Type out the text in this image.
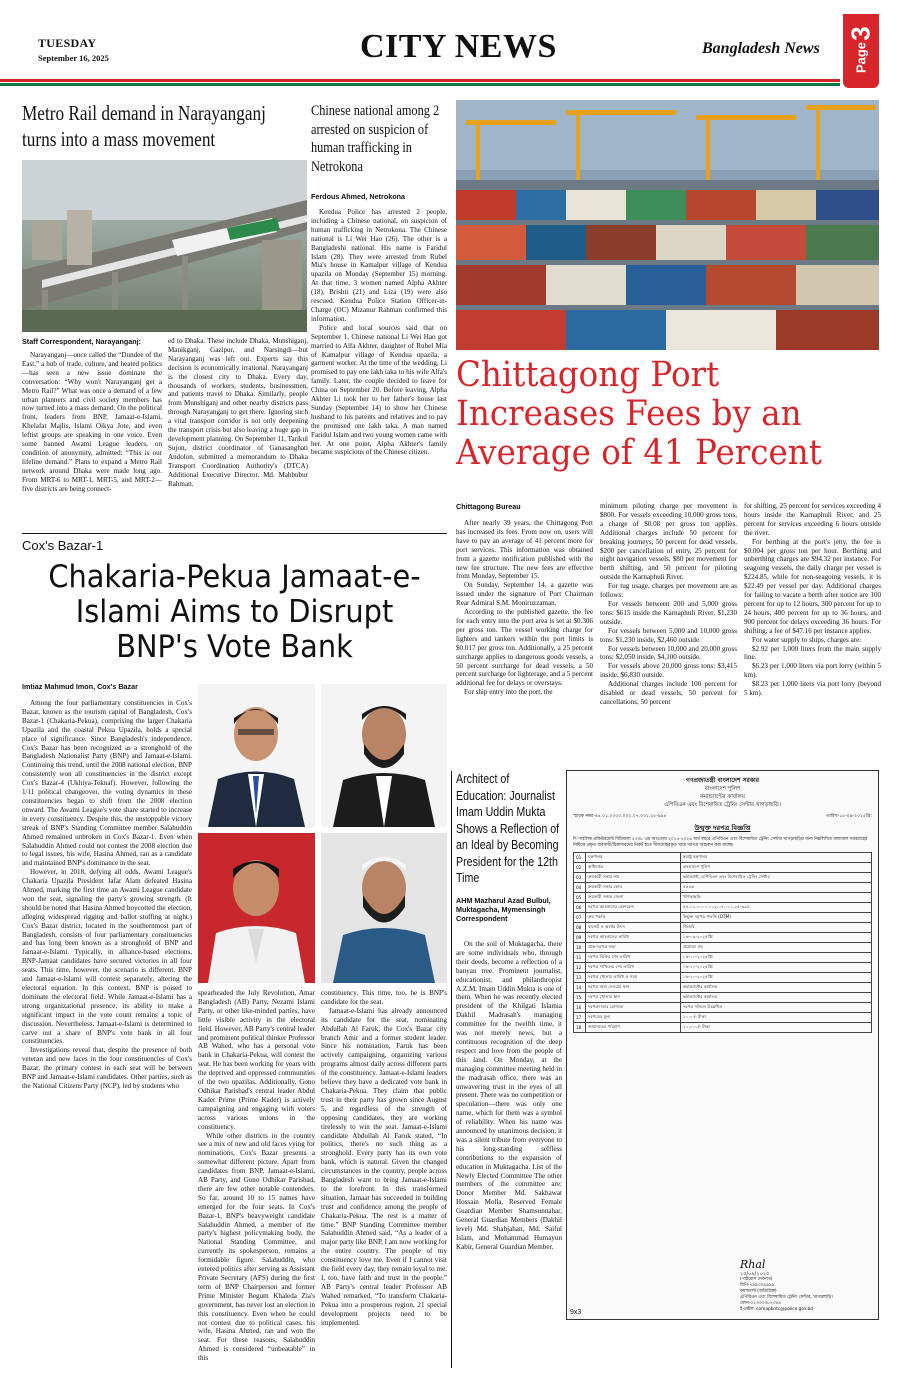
TUESDAY
September 16, 2025	CITY NEWS	Bangladesh News	Page
3
Metro Rail demand in Narayanganj
turns into a mass movement
Staff Correspondent, Narayanganj:

Narayanganj—once called the “Dundee of the East,” a hub of trade, culture, and heated politics—has seen a new issue dominate the conversation: “Why won't Narayanganj get a Metro Rail?” What was once a demand of a few urban planners and civil society members has now turned into a mass demand. On the political front, leaders from BNP, Jamaat-e-Islami, Khelafat Majlis, Islami Oikya Jote, and even leftist groups are speaking in one voice. Even some banned Awami League leaders, on condition of anonymity, admitted: “This is our lifeline demand.” Plans to expand a Metro Rail network around Dhaka were made long ago. From MRT-6 to MRT-1, MRT-5, and MRT-2—five districts are being connect-

ed to Dhaka. These include Dhaka, Munshiganj, Manikganj, Gazipur, and Narsingdi—but Narayanganj was left out. Experts say this decision is economically irrational. Narayanganj is the closest city to Dhaka. Every day, thousands of workers, students, businessmen, and patients travel to Dhaka. Similarly, people from Munshiganj and other nearby districts pass through Narayanganj to get there. Ignoring such a vital transport corridor is not only deepening the transport crisis but also leaving a huge gap in development planning. On September 11, Tarikul Sujon, district coordinator of Ganasanghati Andolon, submitted a memorandum to Dhaka Transport Coordination Authority's (DTCA) Additional Executive Director, Md. Mahbubur Rahman.

Chinese national among 2 arrested on suspicion of human trafficking in Netrokona
Ferdous Ahmed, Netrokona

Kendua Police has arrested 2 people, including a Chinese national, on suspicion of human trafficking in Netrokona. The Chinese national is Li Wei Hao (26). The other is a Bangladeshi national. His name is Faridul Islam (28). They were arrested from Rubel Mia's house in Kamalpur village of Kendua upazila on Monday (September 15) morning. At that time, 3 women named Alpha Akhter (18), Brishti (21) and Liza (19) were also rescued. Kendua Police Station Officer-in-Charge (OC) Mizanur Rahman confirmed this information.

Police and local sources said that on September 1, Chinese national Li Wei Hao got married to Alfa Akhter, daughter of Rubel Mia of Kamalpur village of Kendua upazila, a garment worker. At the time of the wedding, Li promised to pay one lakh taka to his wife Alfa's family. Later, the couple decided to leave for China on September 20. Before leaving, Alpha Akhter Li took her to her father's house last Sunday (September 14) to show her Chinese husband to his parents and relatives and to pay the promised one lakh taka. A man named Faridul Islam and two young women came with her. At one point, Alpha Akhter's family became suspicious of the Chinese citizen.

Chittagong Port Increases Fees by an Average of 41 Percent
Chittagong Bureau

After nearly 39 years, the Chittagong Port has increased its fees. From now on, users will have to pay an average of 41 percent more for port services. This information was obtained from a gazette notification published with the new fee structure. The new fees are effective from Monday, September 15.

On Sunday, September 14, a gazette was issued under the signature of Port Chairman Rear Admiral S.M. Moniruzzaman.

According to the published gazette, the fee for each entry into the port area is set at $0.306 per gross ton. The vessel working charge for lighters and tankers within the port limits is $0.017 per gross ton. Additionally, a 25 percent surcharge applies to dangerous goods vessels, a 50 percent surcharge for dead vessels, a 50 percent surcharge for lighterage, and a 5 percent additional fee for delays or overstays.

For ship entry into the port, the

minimum piloting charge per movement is $800. For vessels exceeding 10,000 gross tons, a charge of $0.08 per gross ton applies. Additional charges include 50 percent for breaking journeys, 50 percent for dead vessels, $200 per cancellation of entry, 25 percent for night navigation vessels, $80 per movement for berth shifting, and 50 percent for piloting outside the Karnaphuli River.

For tug usage, charges per movement are as follows:

For vessels between 200 and 5,000 gross tons: $615 inside the Karnaphuli River, $1,230 outside.

For vessels between 5,000 and 10,000 gross tons: $1,230 inside, $2,460 outside.

For vessels between 10,000 and 20,000 gross tons: $2,050 inside, $4,100 outside.

For vessels above 20,000 gross tons: $3,415 inside, $6,830 outside.

Additional charges include 100 percent for disabled or dead vessels, 50 percent for cancellations, 50 percent

for shifting, 25 percent for services exceeding 4 hours inside the Karnaphuli River, and 25 percent for services exceeding 6 hours outside the river.

For berthing at the port's jetty, the fee is $0.004 per gross ton per hour. Berthing and unberthing charges are $94.32 per instance. For seagoing vessels, the daily charge per vessel is $224.85, while for non-seagoing vessels, it is $22.49 per vessel per day. Additional charges for failing to vacate a berth after notice are 100 percent for up to 12 hours, 300 percent for up to 24 hours, 400 percent for up to 36 hours, and 900 percent for delays exceeding 36 hours. For shifting, a fee of $47.16 per instance applies.

For water supply to ships, charges are:

$2.92 per 1,000 liters from the main supply line.

$6.23 per 1,000 liters via port lorry (within 5 km).

$8.23 per 1,000 liters via port lorry (beyond 5 km).

Cox's Bazar-1
Chakaria-Pekua Jamaat-e-Islami Aims to Disrupt BNP's Vote Bank
Imtiaz Mahmud Imon, Cox's Bazar

Among the four parliamentary constituencies in Cox's Bazar, known as the tourism capital of Bangladesh, Cox's Bazar-1 (Chakaria-Pekua), comprising the larger Chakaria Upazila and the coastal Pekua Upazila, holds a special place of significance. Since Bangladesh's independence, Cox's Bazar has been recognized as a stronghold of the Bangladesh Nationalist Party (BNP) and Jamaat-e-Islami. Continuing this trend, until the 2008 national election, BNP consistently won all constituencies in the district except Cox's Bazar-4 (Ukhiya-Teknaf). However, following the 1/11 political changeover, the voting dynamics in these constituencies began to shift from the 2008 election onward. The Awami League's vote share started to increase in every constituency. Despite this, the unstoppable victory streak of BNP's Standing Committee member Salahuddin Ahmed remained unbroken in Cox's Bazar-1. Even when Salahuddin Ahmed could not contest the 2008 election due to legal issues, his wife, Hasina Ahmed, ran as a candidate and maintained BNP's dominance in the seat.

However, in 2018, defying all odds, Awami League's Chakaria Upazila President Jafar Alam defeated Hasina Ahmed, marking the first time an Awami League candidate won the seat, signaling the party's growing strength. (It should be noted that Hasina Ahmed boycotted the election, alleging widespread rigging and ballot stuffing at night.) Cox's Bazar district, located in the southernmost part of Bangladesh, consists of four parliamentary constituencies and has long been known as a stronghold of BNP and Jamaat-e-Islami. Typically, in alliance-based elections, BNP-Jamaat candidates have secured victories in all four seats. This time, however, the scenario is different. BNP and Jamaat-e-Islami will contest separately, altering the electoral equation. In this context, BNP is poised to dominate the electoral field. While Jamaat-e-Islami has a strong organizational presence, its ability to make a significant impact in the vote count remains a topic of discussion. Nevertheless, Jamaat-e-Islami is determined to carve out a share of BNP's vote bank in all four constituencies.

Investigations reveal that, despite the presence of both veteran and new faces in the four constituencies of Cox's Bazar, the primary contest in each seat will be between BNP and Jamaat-e-Islami candidates. Other parties, such as the National Citizens Party (NCP), led by students who

spearheaded the July Revolution, Amar Bangladesh (AB) Party, Nezami Islami Party, or other like-minded parties, have little visible activity in the electoral field. However, AB Party's central leader and prominent political thinker Professor AB Wahed, who has a personal vote bank in Chakaria-Pekua, will contest the seat. He has been working for years with the deprived and oppressed communities of the two upazilas. Additionally, Gono Odhikar Parishad's central leader Abdul Kader Prime (Prime Kader) is actively campaigning and engaging with voters across various unions in the constituency.

While other districts in the country see a mix of new and old faces vying for nominations, Cox's Bazar presents a somewhat different picture. Apart from candidates from BNP, Jamaat-e-Islami, AB Party, and Gono Odhikar Parishad, there are few other notable contenders. So far, around 10 to 15 names have emerged for the four seats. In Cox's Bazar-1, BNP's heavyweight candidate Salahuddin Ahmed, a member of the party's highest policymaking body, the National Standing Committee, and currently its spokesperson, remains a formidable figure. Salahuddin, who entered politics after serving as Assistant Private Secretary (APS) during the first term of BNP Chairperson and former Prime Minister Begum Khaleda Zia's government, has never lost an election in this constituency. Even when he could not contest due to political cases, his wife, Hasina Ahmed, ran and won the seat. For these reasons, Salahuddin Ahmed is considered “unbeatable” in this

constituency. This time, too, he is BNP's candidate for the seat.

Jamaat-e-Islami has already announced its candidate for the seat, nominating Abdullah Al Faruk, the Cox's Bazar city branch Amir and a former student leader. Since his nomination, Faruk has been actively campaigning, organizing various programs almost daily across different parts of the constituency. Jamaat-e-Islami leaders believe they have a dedicated vote bank in Chakaria-Pekua. They claim that public trust in their party has grown since August 5, and regardless of the strength of opposing candidates, they are working tirelessly to win the seat. Jamaat-e-Islami candidate Abdullah Al Faruk stated, “In politics, there's no such thing as a stronghold. Every party has its own vote bank, which is natural. Given the changed circumstances in the country, people across Bangladesh want to bring Jamaat-e-Islami to the forefront. In this transformed situation, Jamaat has succeeded in building trust and confidence among the people of Chakaria-Pekua. The rest is a matter of time.” BNP Standing Committee member Salahuddin Ahmed said, “As a leader of a major party like BNP, I am now working for the entire country. The people of my constituency love me. Even if I cannot visit the field every day, they remain loyal to me. I, too, have faith and trust in the people.” AB Party's central leader Professor AB Wahed remarked, “To transform Chakaria-Pekua into a prosperous region, 21 special development projects need to be implemented.

Architect of Education: Journalist Imam Uddin Mukta Shows a Reflection of an Ideal by Becoming President for the 12th Time
AHM Mazharul Azad Bulbul, Muktagacha, Mymensingh Correspondent

On the soil of Muktagacha, there are some individuals who, through their deeds, become a reflection of a banyan tree. Prominent journalist, educationist, and philanthropist A.Z.M. Imam Uddin Mukta is one of them. When he was recently elected president of the Khilgati Islamia Dakhil Madrasah's managing committee for the twelfth time, it was not merely news, but a continuous recognition of the deep respect and love from the people of this land. On Monday, at the managing committee meeting held in the madrasah office, there was an unwavering trust in the eyes of all present. There was no competition or speculation—there was only one name, which for them was a symbol of reliability. When his name was announced by unanimous decision, it was a silent tribute from everyone to his long-standing selfless contributions to the expansion of education in Muktagacha. List of the Newly Elected Committee The other members of the committee are: Donor Member Md. Sakhawat Hossain Molla, Reserved Female Guardian Member Shamsunnahar, General Guardian Members (Dakhil level) Md. Shahjahan, Md. Saiful Islam, and Mohammad Humayun Kabir, General Guardian Member.

গণপ্রজাতন্ত্রী বাংলাদেশ সরকার
বাংলাদেশ পুলিশ
কমান্ড্যান্টের কার্যালয়
এপিবিএন এবং বিশেষায়িত ট্রেনিং সেন্টার খাগড়াছড়ি।
স্মারক নম্বর-৪৪.০১.০০০০.০০২.০৭.০০১.২৫-৯৯৪	তারিখ-১৫-০৯-২০২৫খ্রি:
উন্মুক্ত দরপত্র বিজ্ঞপ্তি
দি পাবলিক প্রকিউরমেন্ট বিধিমালা ২০০৮ এর আওতায় ২০২৫-২০২৬ অর্থ বছরে এপিবিএন এবং বিশেষায়িত ট্রেনিং সেন্টার খাগড়াছড়ির জন্য নিম্নলিখিত মালামাল সরবরাহের নিমিত্তে প্রকৃত ব্যবসায়ী/ঠিকাদারদের নিকট হতে সীলমোহরকৃত খামে দরপত্র আহবান করা যাচ্ছে।
01	মন্ত্রণালয়	স্বরাষ্ট্র মন্ত্রণালয়
02	অধিদপ্তর	বাংলাদেশ পুলিশ
03	ক্রয়কারী সত্তার নাম	কমান্ড্যান্ট, এপিবিএন এবং বিশেষায়িত ট্রেনিং সেন্টার
04	ক্রয়কারী সত্তার কোড	৫৩৪৬
05	ক্রয়কারী সত্তার জেলা	খাগড়াছড়ি
06	দরপত্র আহবানের রেফারেন্স	৪৪.০১.০০০০.০০২.০৭.০০১.২৫-৯৯৪
07	ক্রয় পদ্ধতি	উন্মুক্ত দরপত্র পদ্ধতি (OTM)
08	বাজেট ও অর্থের উৎস	জিওবি
09	দরপত্র আহবানের তারিখ	১৬-০৯-২০২৫খ্রি:
10	প্রাক-দরপত্র সভা	প্রযোজ্য নয়
11	দরপত্র বিক্রির শেষ তারিখ	০৫-১০-২০২৫খ্রি:
12	দরপত্র দাখিলের শেষ তারিখ	০৬-১০-২০২৫খ্রি:
13	দরপত্র খোলার তারিখ ও সময়	০৬-১০-২০২৫খ্রি:
14	দরপত্র জমা দেওয়ার স্থান	কমান্ড্যান্টের কার্যালয়
15	দরপত্র খোলার স্থান	কমান্ড্যান্টের কার্যালয়
16	দরপত্রদাতার যোগ্যতা	দরপত্র দলিলে উল্লেখিত
17	দরপত্রের মূল্য	১০০০/- টাকা
18	জামানতের পরিমাণ	২০,০০০/- টাকা
Rhal
১৫/০৯/২০২৫
(পাইরোস দেবনাথ)
বিপি-৭৯৯৩০৯৯৯৯
কমান্ড্যান্ট (অতিরিক্ত)
এপিবিএন এবং বিশেষায়িত ট্রেনিং সেন্টার, খাগড়াছড়ি।
ফোন-০২৩৩৩৩৮২৩৪৪
ই-মেইল: comapbntc@police.gov.bd
9x3
